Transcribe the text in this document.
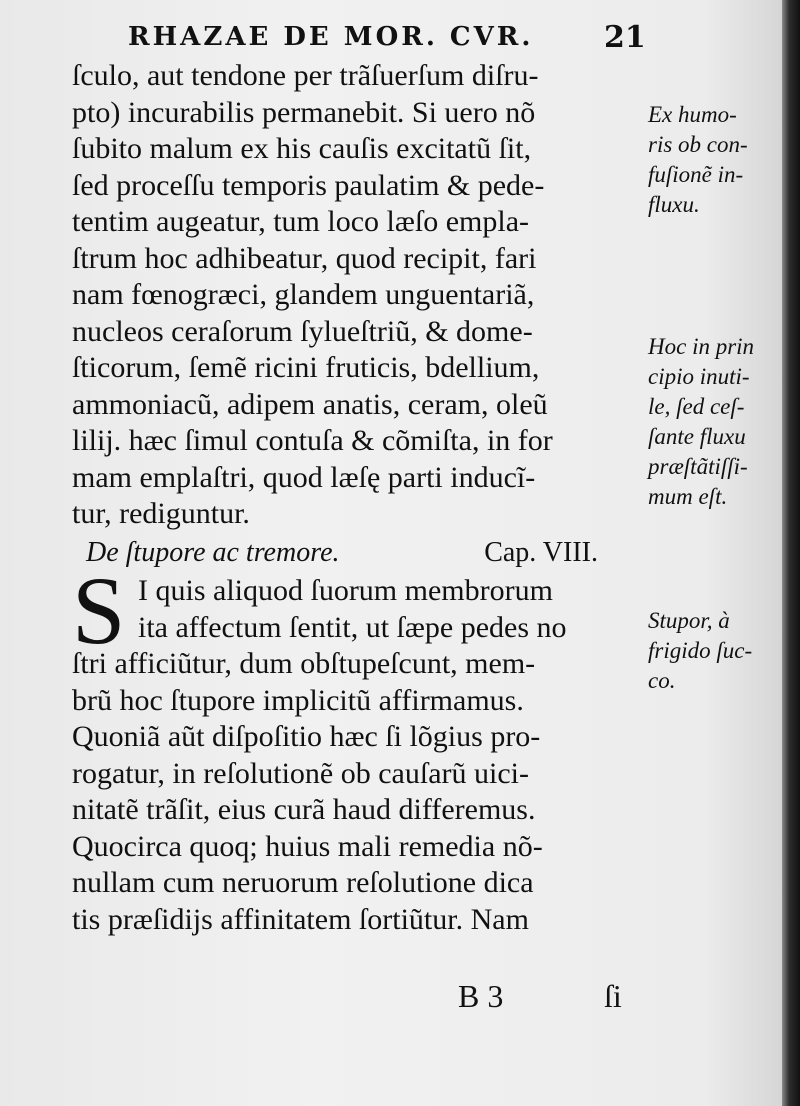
RHAZAE DE MOR. CVR. 21
ſculo, aut tendone per trãſuerſum diſru-
pto) incurabilis permanebit. Si uero nõ
ſubito malum ex his cauſis excitatũ ſit,
ſed proceſſu temporis paulatim & pede-
tentim augeatur, tum loco læſo empla-
ſtrum hoc adhibeatur, quod recipit, fari
nam fœnogræci, glandem unguentariã,
nucleos ceraſorum ſylueſtriũ, & dome-
ſticorum, ſemẽ ricini fruticis, bdellium,
ammoniacũ, adipem anatis, ceram, oleũ
lilij. hæc ſimul contuſa & cõmiſta, in for
mam emplaſtri, quod læſę parti inducĩ-
tur, rediguntur.
De ſtupore ac tremore.	Cap. VIII.
S I quis aliquod ſuorum membrorum
ita affectum ſentit, ut ſæpe pedes no
ſtri afficiũtur, dum obſtupeſcunt, mem-
brũ hoc ſtupore implicitũ affirmamus.
Quoniã aũt diſpoſitio hæc ſi lõgius pro-
rogatur, in reſolutionẽ ob cauſarũ uici-
nitatẽ trãſit, eius curã haud differemus.
Quocirca quoq; huius mali remedia nõ-
nullam cum neruorum reſolutione dica
tis præſidijs affinitatem ſortiũtur. Nam
Ex humo-
ris ob con-
fuſionẽ in-
fluxu.
Hoc in prin
cipio inuti-
le, ſed ceſ-
ſante fluxu
præſtãtiſſi-
mum eſt.
Stupor, à
frigido ſuc-
co.
B 3	ſi
